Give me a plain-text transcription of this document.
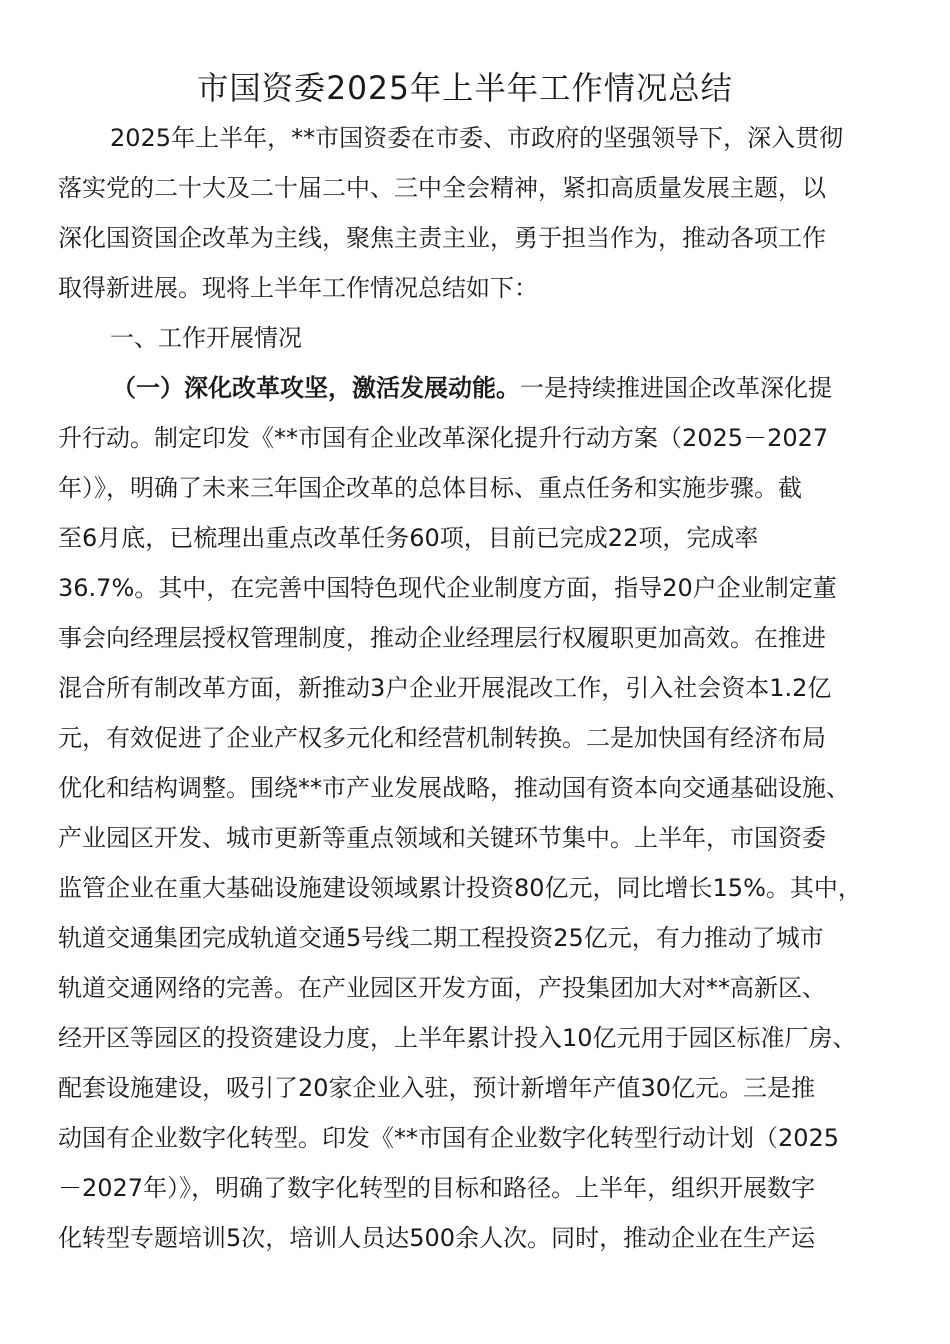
市国资委2025年上半年工作情况总结
2025年上半年，**市国资委在市委、市政府的坚强领导下，深入贯彻
落实党的二十大及二十届二中、三中全会精神，紧扣高质量发展主题，以
深化国资国企改革为主线，聚焦主责主业，勇于担当作为，推动各项工作
取得新进展。现将上半年工作情况总结如下：
一、工作开展情况
（一）深化改革攻坚，激活发展动能。一是持续推进国企改革深化提
升行动。制定印发《**市国有企业改革深化提升行动方案（2025－2027
年）》，明确了未来三年国企改革的总体目标、重点任务和实施步骤。截
至6月底，已梳理出重点改革任务60项，目前已完成22项，完成率
36.7%。其中，在完善中国特色现代企业制度方面，指导20户企业制定董
事会向经理层授权管理制度，推动企业经理层行权履职更加高效。在推进
混合所有制改革方面，新推动3户企业开展混改工作，引入社会资本1.2亿
元，有效促进了企业产权多元化和经营机制转换。二是加快国有经济布局
优化和结构调整。围绕**市产业发展战略，推动国有资本向交通基础设施、
产业园区开发、城市更新等重点领域和关键环节集中。上半年，市国资委
监管企业在重大基础设施建设领域累计投资80亿元，同比增长15%。其中，
轨道交通集团完成轨道交通5号线二期工程投资25亿元，有力推动了城市
轨道交通网络的完善。在产业园区开发方面，产投集团加大对**高新区、
经开区等园区的投资建设力度，上半年累计投入10亿元用于园区标准厂房、
配套设施建设，吸引了20家企业入驻，预计新增年产值30亿元。三是推
动国有企业数字化转型。印发《**市国有企业数字化转型行动计划（2025
－2027年）》，明确了数字化转型的目标和路径。上半年，组织开展数字
化转型专题培训5次，培训人员达500余人次。同时，推动企业在生产运
